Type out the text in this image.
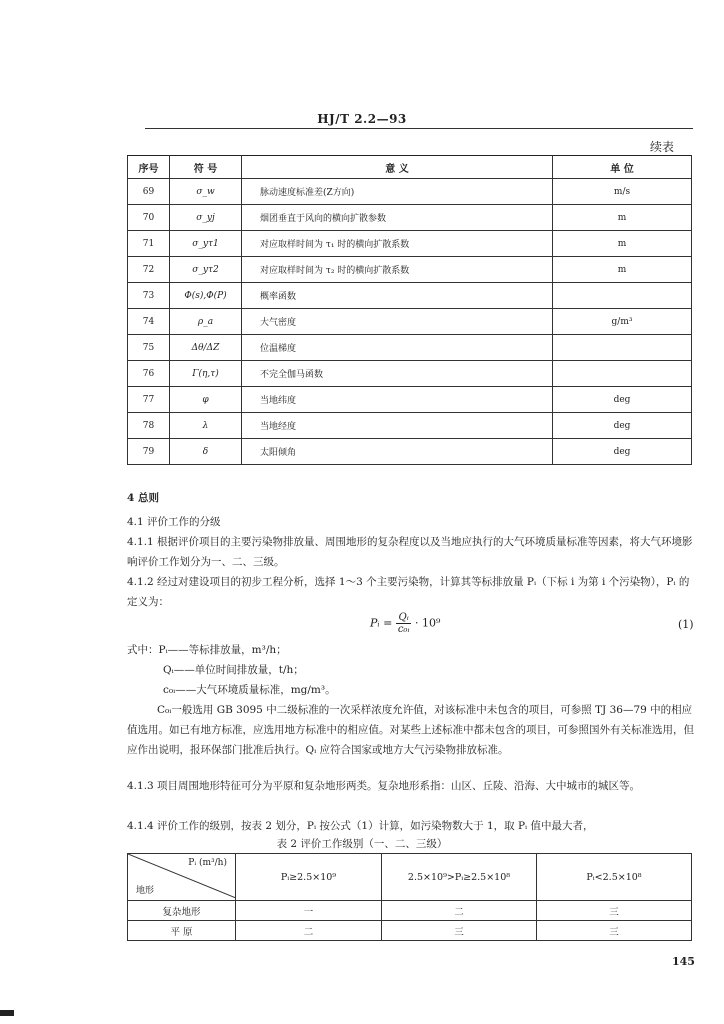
HJ/T 2.2—93
续表
序号	符 号	意 义	单 位
69	σ_w	脉动速度标准差(Z方向)	m/s
70	σ_yj	烟团垂直于风向的横向扩散参数	m
71	σ_yτ1	对应取样时间为 τ₁ 时的横向扩散系数	m
72	σ_yτ2	对应取样时间为 τ₂ 时的横向扩散系数	m
73	Φ(s),Φ(P)	概率函数	
74	ρ_a	大气密度	g/m³
75	Δθ/ΔZ	位温梯度	
76	Γ(η,τ)	不完全伽马函数	
77	φ	当地纬度	deg
78	λ	当地经度	deg
79	δ	太阳倾角	deg
4 总则
4.1 评价工作的分级
4.1.1 根据评价项目的主要污染物排放量、周围地形的复杂程度以及当地应执行的大气环境质量标准等因素，将大气环境影响评价工作划分为一、二、三级。
4.1.2 经过对建设项目的初步工程分析，选择 1～3 个主要污染物，计算其等标排放量 Pᵢ（下标 i 为第 i 个污染物），Pᵢ 的定义为：
Pᵢ = $\frac{\text{Qᵢ}}{\text{c₀ᵢ}} \cdot 10^9$	(1)
式中：Pᵢ——等标排放量，m³/h；
Qᵢ——单位时间排放量，t/h；
c₀ᵢ——大气环境质量标准，mg/m³。
C₀ᵢ一般选用 GB 3095 中二级标准的一次采样浓度允许值，对该标准中未包含的项目，可参照 TJ 36—79 中的相应值选用。如已有地方标准，应选用地方标准中的相应值。对某些上述标准中都未包含的项目，可参照国外有关标准选用，但应作出说明，报环保部门批准后执行。Qᵢ 应符合国家或地方大气污染物排放标准。
4.1.3 项目周围地形特征可分为平原和复杂地形两类。复杂地形系指：山区、丘陵、沿海、大中城市的城区等。
4.1.4 评价工作的级别，按表 2 划分，Pᵢ 按公式（1）计算，如污染物数大于 1，取 Pᵢ 值中最大者，
表 2 评价工作级别（一、二、三级）
Pᵢ (m³/h)
地形	Pᵢ≥2.5×10⁹	2.5×10⁹>Pᵢ≥2.5×10⁸	Pᵢ<2.5×10⁸
复杂地形	一	二	三
平 原	二	三	三
145
